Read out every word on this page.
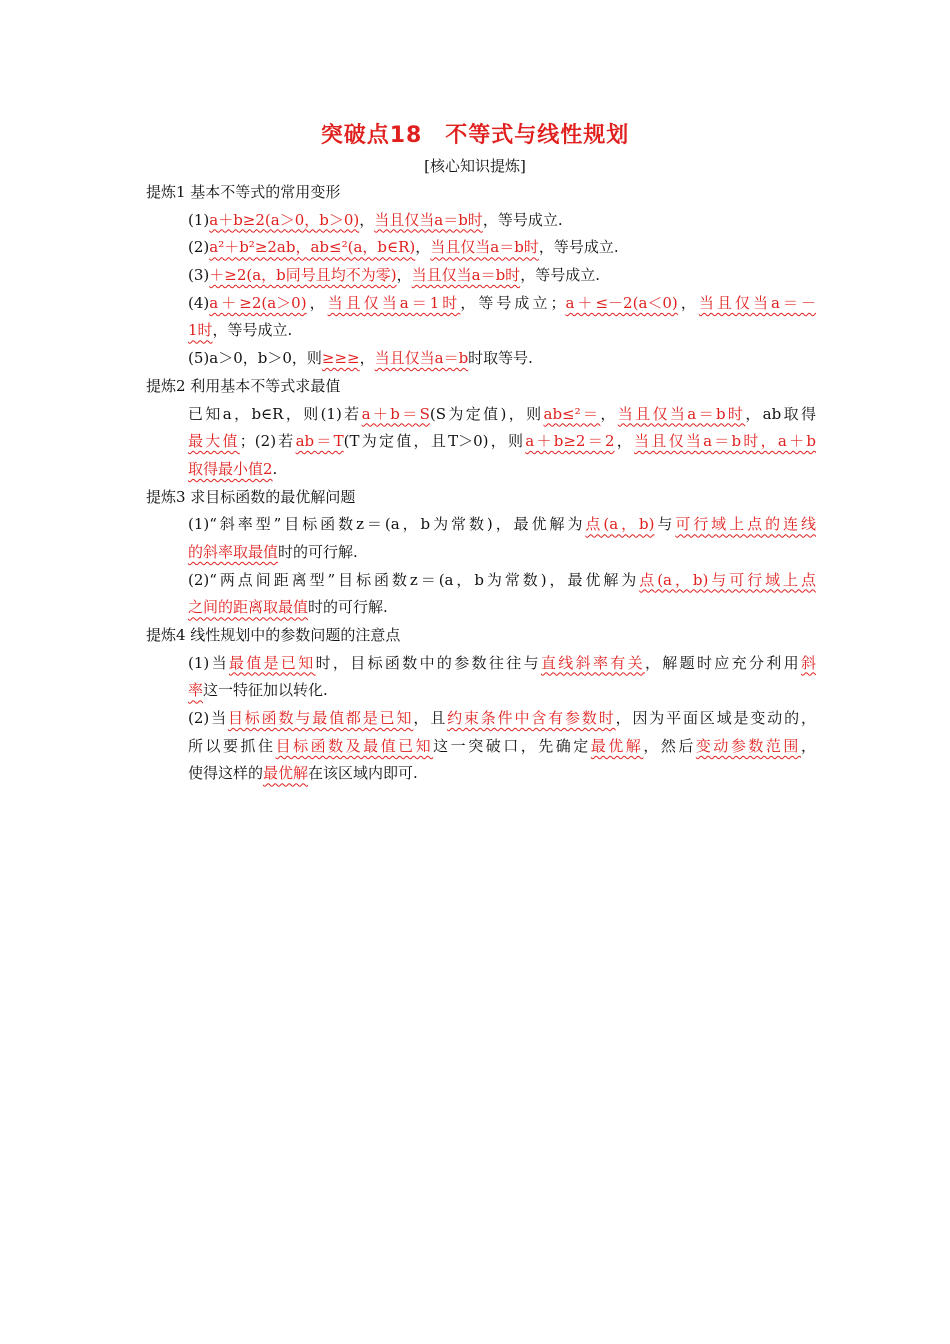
突破点18　不等式与线性规划
[核心知识提炼]
提炼1 基本不等式的常用变形
(1)a＋b≥2(a＞0，b＞0)，当且仅当a＝b时，等号成立.
(2)a²＋b²≥2ab，ab≤²(a，b∈R)，当且仅当a＝b时，等号成立.
(3)＋≥2(a，b同号且均不为零)，当且仅当a＝b时，等号成立.
(4)a＋≥2(a＞0)，当且仅当a＝1时，等号成立；a＋≤－2(a＜0)，当且仅当a＝－
1时，等号成立.
(5)a＞0，b＞0，则≥≥≥，当且仅当a＝b时取等号.
提炼2 利用基本不等式求最值
已知a，b∈R，则(1)若a＋b＝S(S为定值)，则ab≤²＝，当且仅当a＝b时，ab取得
最大值；(2)若ab＝T(T为定值，且T＞0)，则a＋b≥2＝2，当且仅当a＝b时，a＋b
取得最小值2.
提炼3 求目标函数的最优解问题
(1)“斜率型”目标函数z＝(a，b为常数)，最优解为点(a，b)与可行域上点的连线
的斜率取最值时的可行解.
(2)“两点间距离型”目标函数z＝(a，b为常数)，最优解为点(a，b)与可行域上点
之间的距离取最值时的可行解.
提炼4 线性规划中的参数问题的注意点
(1)当最值是已知时，目标函数中的参数往往与直线斜率有关，解题时应充分利用斜
率这一特征加以转化.
(2)当目标函数与最值都是已知，且约束条件中含有参数时，因为平面区域是变动的，
所以要抓住目标函数及最值已知这一突破口，先确定最优解，然后变动参数范围，
使得这样的最优解在该区域内即可.
